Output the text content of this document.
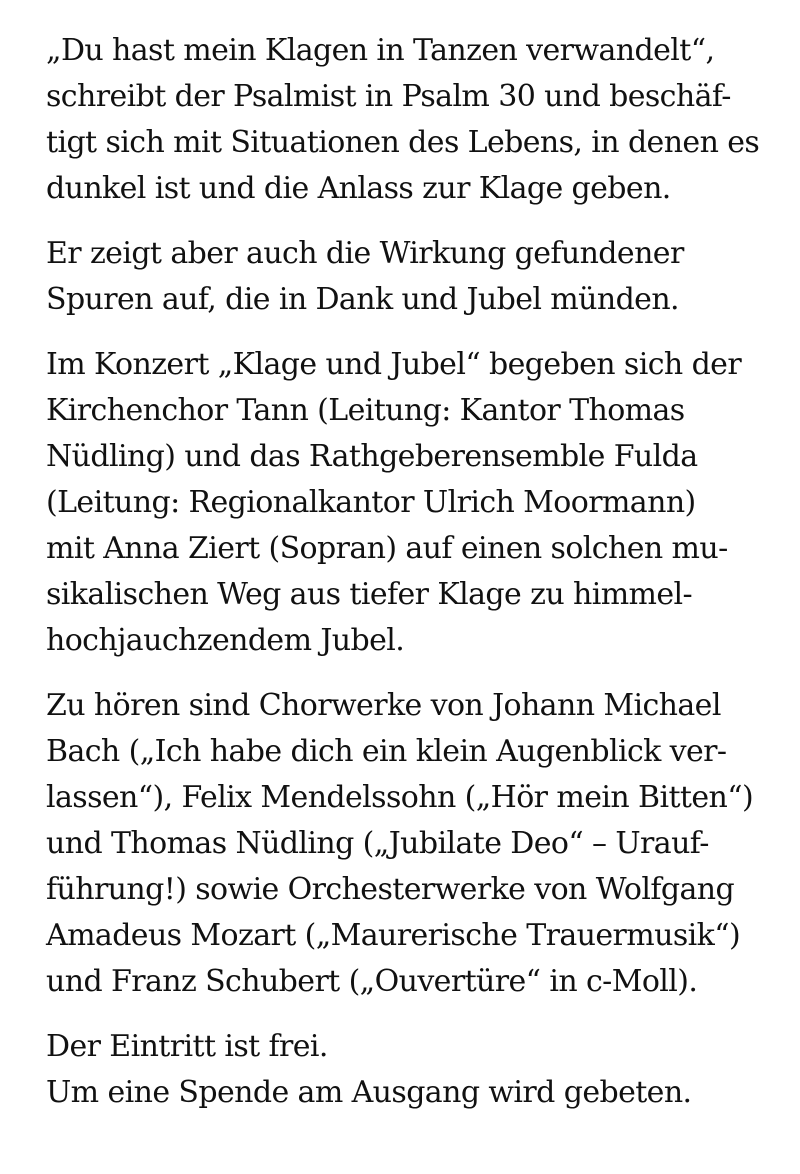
„Du hast mein Klagen in Tanzen verwandelt“,
schreibt der Psalmist in Psalm 30 und beschäf-
tigt sich mit Situationen des Lebens, in denen es
dunkel ist und die Anlass zur Klage geben.

Er zeigt aber auch die Wirkung gefundener
Spuren auf, die in Dank und Jubel münden.

Im Konzert „Klage und Jubel“ begeben sich der
Kirchenchor Tann (Leitung: Kantor Thomas
Nüdling) und das Rathgeberensemble Fulda
(Leitung: Regionalkantor Ulrich Moormann)
mit Anna Ziert (Sopran) auf einen solchen mu-
sikalischen Weg aus tiefer Klage zu himmel-
hochjauchzendem Jubel.

Zu hören sind Chorwerke von Johann Michael
Bach („Ich habe dich ein klein Augenblick ver-
lassen“), Felix Mendelssohn („Hör mein Bitten“)
und Thomas Nüdling („Jubilate Deo“ – Urauf-
führung!) sowie Orchesterwerke von Wolfgang
Amadeus Mozart („Maurerische Trauermusik“)
und Franz Schubert („Ouvertüre“ in c-Moll).

Der Eintritt ist frei.
Um eine Spende am Ausgang wird gebeten.
